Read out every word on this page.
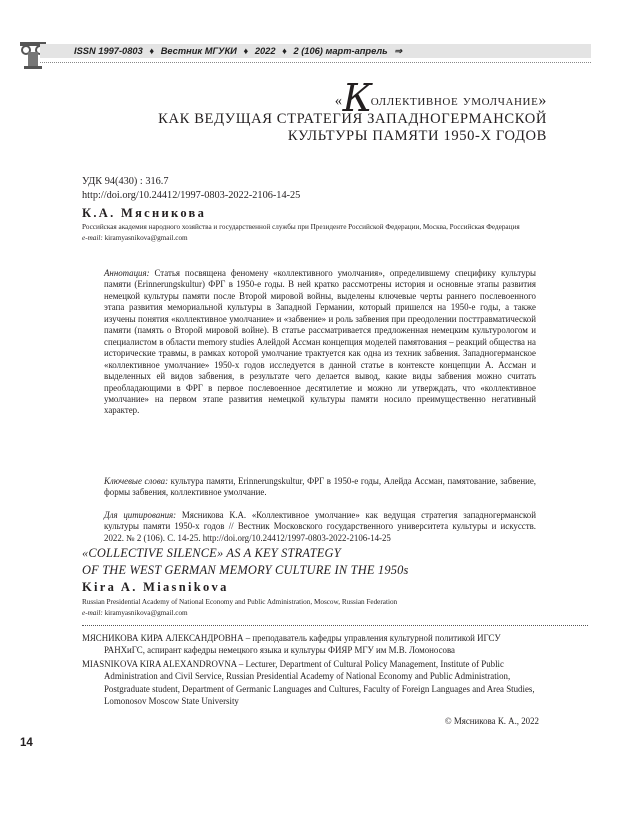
ISSN 1997-0803 ♦ Вестник МГУКИ ♦ 2022 ♦ 2 (106) март-апрель ⇒
«Коллективное умолчание»
КАК ВЕДУЩАЯ СТРАТЕГИЯ ЗАПАДНОГЕРМАНСКОЙ
КУЛЬТУРЫ ПАМЯТИ 1950-Х ГОДОВ
УДК 94(430) : 316.7
http://doi.org/10.24412/1997-0803-2022-2106-14-25
К.А. Мясникова
Российская академия народного хозяйства и государственной службы при Президенте Российской Федерации, Москва, Российская Федерация
e-mail: kiramyasnikova@gmail.com
Аннотация: Статья посвящена феномену «коллективного умолчания», определившему специфику культуры памяти (Erinnerungskultur) ФРГ в 1950-е годы. В ней кратко рассмотрены история и основные этапы развития немецкой культуры памяти после Второй мировой войны, выделены ключевые черты раннего послевоенного этапа развития мемориальной культуры в Западной Германии, который пришелся на 1950-е годы, а также изучены понятия «коллективное умолчание» и «забвение» и роль забвения при преодолении посттравматической памяти (память о Второй мировой войне). В статье рассматривается предложенная немецким культурологом и специалистом в области memory studies Алейдой Ассман концепция моделей памятования – реакций общества на исторические травмы, в рамках которой умолчание трактуется как одна из техник забвения. Западногерманское «коллективное умолчание» 1950-х годов исследуется в данной статье в контексте концепции А. Ассман и выделенных ей видов забвения, в результате чего делается вывод, какие виды забвения можно считать преобладающими в ФРГ в первое послевоенное десятилетие и можно ли утверждать, что «коллективное умолчание» на первом этапе развития немецкой культуры памяти носило преимущественно негативный характер.
Ключевые слова: культура памяти, Erinnerungskultur, ФРГ в 1950-е годы, Алейда Ассман, памятование, забвение, формы забвения, коллективное умолчание.
Для цитирования: Мясникова К.А. «Коллективное умолчание» как ведущая стратегия западногерманской культуры памяти 1950-х годов // Вестник Московского государственного университета культуры и искусств. 2022. № 2 (106). С. 14-25. http://doi.org/10.24412/1997-0803-2022-2106-14-25
«COLLECTIVE SILENCE» AS A KEY STRATEGY
OF THE WEST GERMAN MEMORY CULTURE IN THE 1950s
Kira A. Miasnikova
Russian Presidential Academy of National Economy and Public Administration, Moscow, Russian Federation
e-mail: kiramyasnikova@gmail.com

МЯСНИКОВА КИРА АЛЕКСАНДРОВНА – преподаватель кафедры управления культурной политикой ИГСУ РАНХиГС, аспирант кафедры немецкого языка и культуры ФИЯР МГУ им М.В. Ломоносова

MIASNIKOVA KIRA ALEXANDROVNA – Lecturer, Department of Cultural Policy Management, Institute of Public Administration and Civil Service, Russian Presidential Academy of National Economy and Public Administration, Postgraduate student, Department of Germanic Languages and Cultures, Faculty of Foreign Languages and Area Studies, Lomonosov Moscow State University

© Мясникова К. А., 2022
14
